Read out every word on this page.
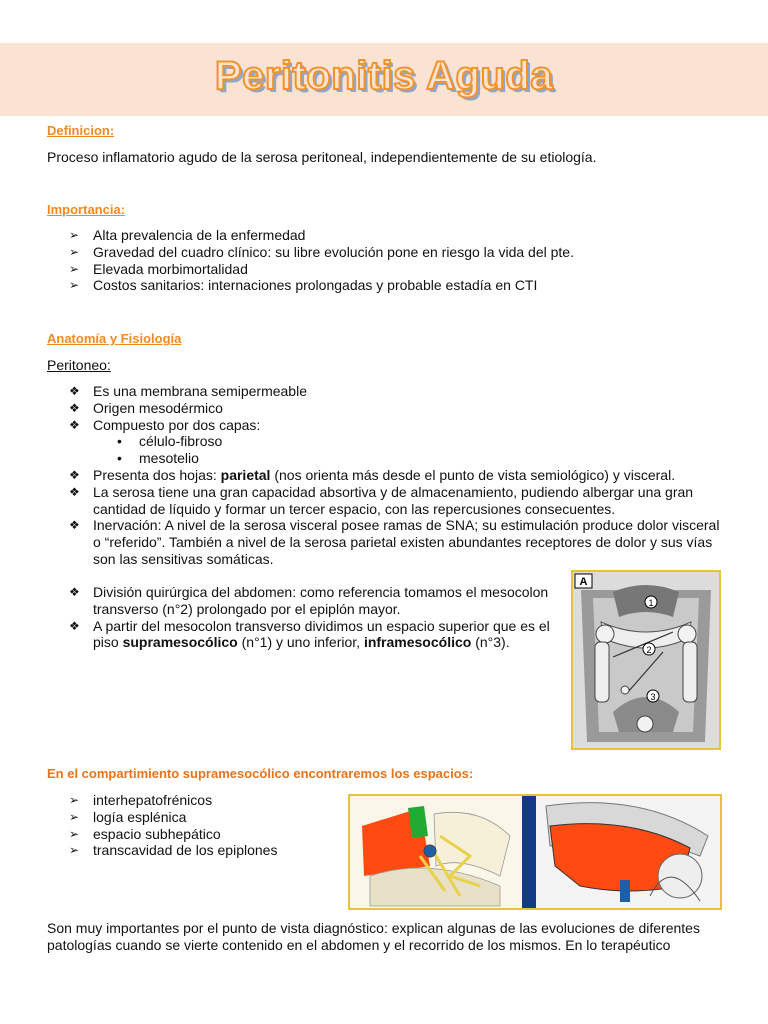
Peritonitis Aguda
Definicion:
Proceso inflamatorio agudo de la serosa peritoneal, independientemente de su etiología.
Importancia:
➢ Alta prevalencia de la enfermedad
➢ Gravedad del cuadro clínico: su libre evolución pone en riesgo la vida del pte.
➢ Elevada morbimortalidad
➢ Costos sanitarios: internaciones prolongadas y probable estadía en CTI
Anatomía y Fisiología
Peritoneo:
❖ Es una membrana semipermeable
❖ Origen mesodérmico
❖ Compuesto por dos capas:
• célulo-fibroso
• mesotelio
❖ Presenta dos hojas: parietal (nos orienta más desde el punto de vista semiológico) y visceral.
❖ La serosa tiene una gran capacidad absortiva y de almacenamiento, pudiendo albergar una gran cantidad de líquido y formar un tercer espacio, con las repercusiones consecuentes.
❖ Inervación: A nivel de la serosa visceral posee ramas de SNA; su estimulación produce dolor visceral o “referido”. También a nivel de la serosa parietal existen abundantes receptores de dolor y sus vías son las sensitivas somáticas.
❖ División quirúrgica del abdomen: como referencia tomamos el mesocolon transverso (n°2) prolongado por el epiplón mayor.
❖ A partir del mesocolon transverso dividimos un espacio superior que es el piso supramesocólico (n°1) y uno inferior, inframesocólico (n°3).
A
1
2
3
En el compartimiento supramesocólico encontraremos los espacios:
➢ interhepatofrénicos
➢ logía esplénica
➢ espacio subhepático
➢ transcavidad de los epiplones
Son muy importantes por el punto de vista diagnóstico: explican algunas de las evoluciones de diferentes patologías cuando se vierte contenido en el abdomen y el recorrido de los mismos. En lo terapéutico
